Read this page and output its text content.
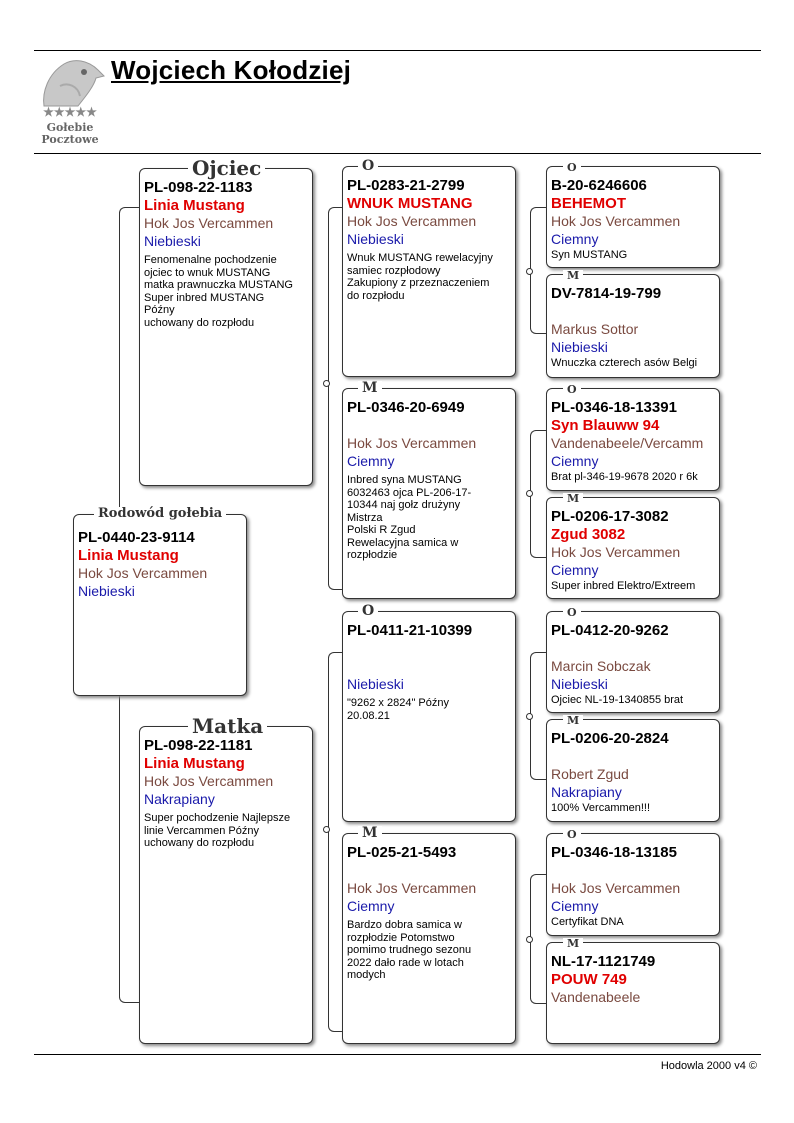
★★★★★
Gołebie
Pocztowe
Wojciech Kołodziej
PL-0440-23-9114
Linia Mustang
Hok Jos Vercammen
Niebieski
Rodowód gołebia
PL-098-22-1183
Linia Mustang
Hok Jos Vercammen
Niebieski
Fenomenalne pochodzenie
ojciec to wnuk MUSTANG
matka prawnuczka MUSTANG
Super inbred MUSTANG
Późny
uchowany do rozpłodu
Ojciec
PL-098-22-1181
Linia Mustang
Hok Jos Vercammen
Nakrapiany
Super pochodzenie Najlepsze
linie Vercammen Późny
uchowany do rozpłodu
Matka
PL-0283-21-2799
WNUK MUSTANG
Hok Jos Vercammen
Niebieski
Wnuk MUSTANG rewelacyjny
samiec rozpłodowy
Zakupiony z przeznaczeniem
do rozpłodu
O
PL-0346-20-6949
Hok Jos Vercammen
Ciemny
Inbred syna MUSTANG
6032463 ojca PL-206-17-
10344 naj gołz drużyny
Mistrza
Polski R Zgud
Rewelacyjna samica w
rozpłodzie
M
PL-0411-21-10399
Niebieski
"9262 x 2824" Późny
20.08.21
O
PL-025-21-5493
Hok Jos Vercammen
Ciemny
Bardzo dobra samica w
rozpłodzie Potomstwo
pomimo trudnego sezonu
2022 dało rade w lotach
modych
M
B-20-6246606
BEHEMOT
Hok Jos Vercammen
Ciemny
Syn MUSTANG
O
DV-7814-19-799
Markus Sottor
Niebieski
Wnuczka czterech asów Belgi
M
PL-0346-18-13391
Syn Blauww 94
Vandenabeele/Vercamm
Ciemny
Brat pl-346-19-9678 2020 r 6k
O
PL-0206-17-3082
Zgud 3082
Hok Jos Vercammen
Ciemny
Super inbred Elektro/Extreem
M
PL-0412-20-9262
Marcin Sobczak
Niebieski
Ojciec NL-19-1340855 brat
O
PL-0206-20-2824
Robert Zgud
Nakrapiany
100% Vercammen!!!
M
PL-0346-18-13185
Hok Jos Vercammen
Ciemny
Certyfikat DNA
O
NL-17-1121749
POUW 749
Vandenabeele
M
Hodowla 2000 v4 ©
